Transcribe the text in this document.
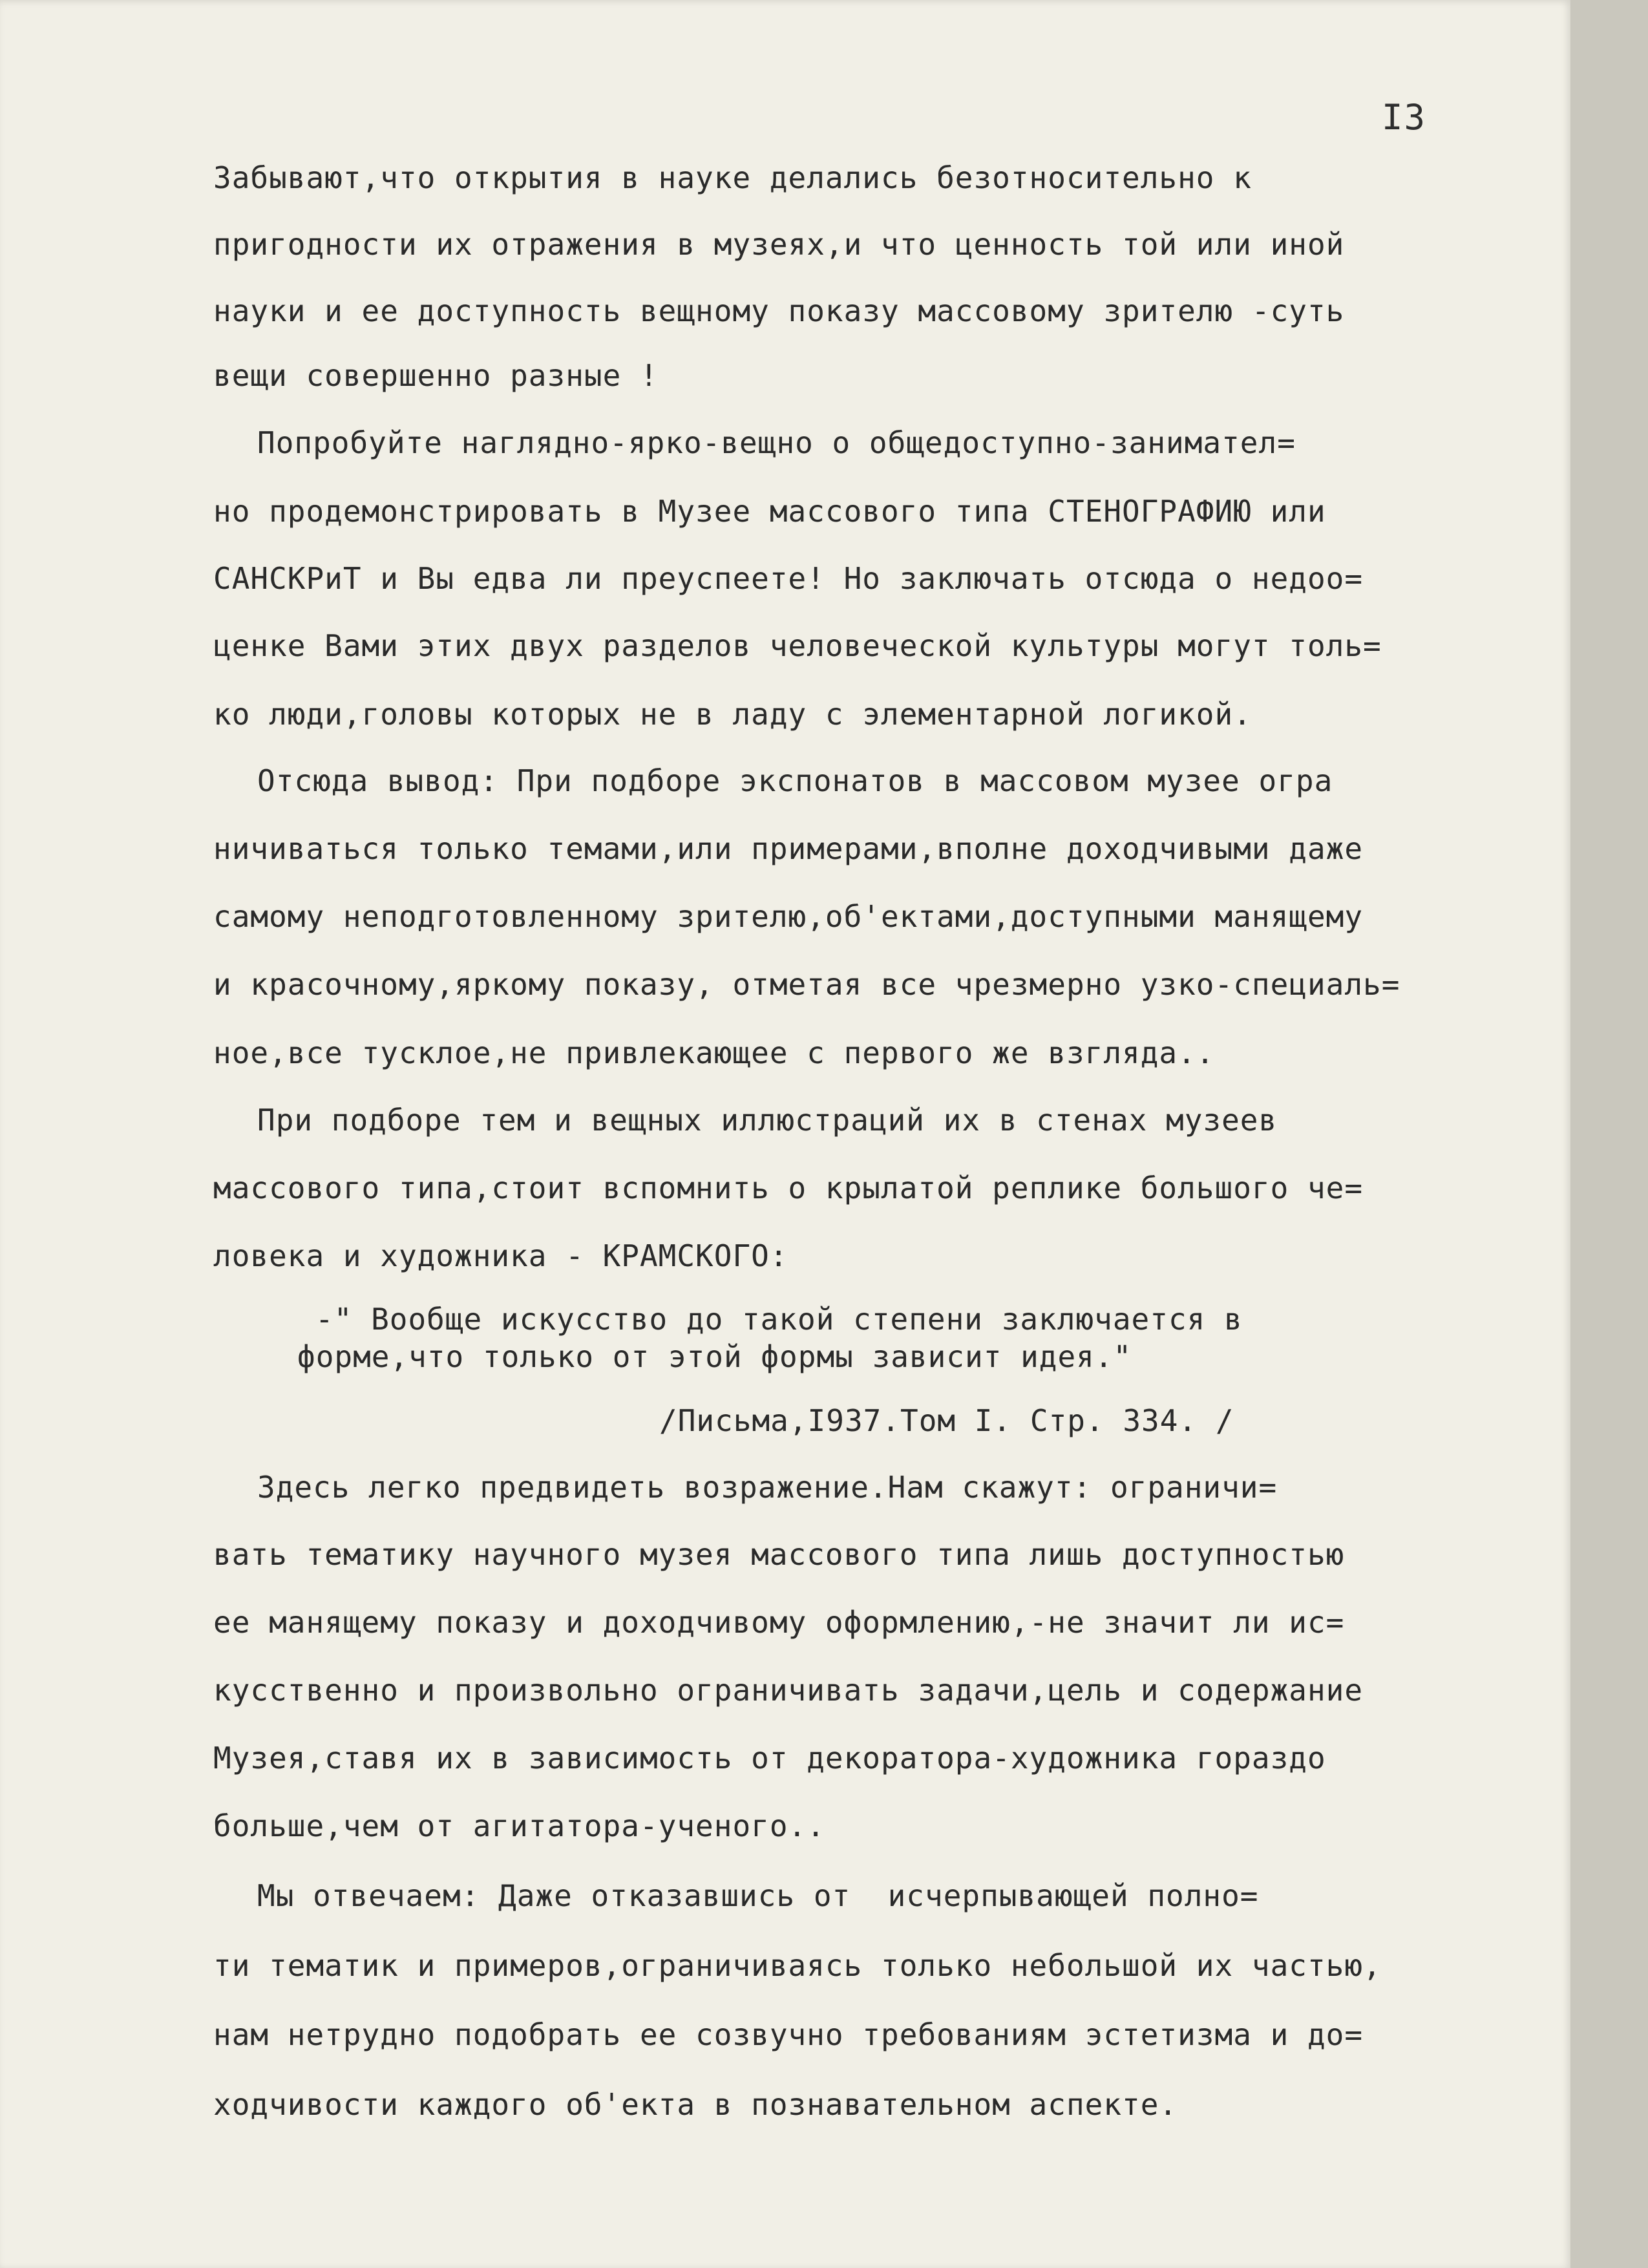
I3
Забывают,что открытия в науке делались безотносительно к
пригодности их отражения в музеях,и что ценность той или иной
науки и ее доступность вещному показу массовому зрителю -суть
вещи совершенно разные !
Попробуйте наглядно-ярко-вещно о общедоступно-занимател=
но продемонстрировать в Музее массового типа СТЕНОГРАФИЮ или
САНСКРиТ и Вы едва ли преуспеете! Но заключать отсюда о недоо=
ценке Вами этих двух разделов человеческой культуры могут толь=
ко люди,головы которых не в ладу с элементарной логикой.
Отсюда вывод: При подборе экспонатов в массовом музее огра
ничиваться только темами,или примерами,вполне доходчивыми даже
самому неподготовленному зрителю,об'ектами,доступными манящему
и красочному,яркому показу, отметая все чрезмерно узко-специаль=
ное,все тусклое,не привлекающее с первого же взгляда..
При подборе тем и вещных иллюстраций их в стенах музеев
массового типа,стоит вспомнить о крылатой реплике большого че=
ловека и художника - КРАМСКОГО:
-" Вообще искусство до такой степени заключается в
форме,что только от этой формы зависит идея."
/Письма,I937.Том I. Стр. 334. /
Здесь легко предвидеть возражение.Нам скажут: ограничи=
вать тематику научного музея массового типа лишь доступностью
ее манящему показу и доходчивому оформлению,-не значит ли ис=
кусственно и произвольно ограничивать задачи,цель и содержание
Музея,ставя их в зависимость от декоратора-художника гораздо
больше,чем от агитатора-ученого..
Мы отвечаем: Даже отказавшись от  исчерпывающей полно=
ти тематик и примеров,ограничиваясь только небольшой их частью,
нам нетрудно подобрать ее созвучно требованиям эстетизма и до=
ходчивости каждого об'екта в познавательном аспекте.
